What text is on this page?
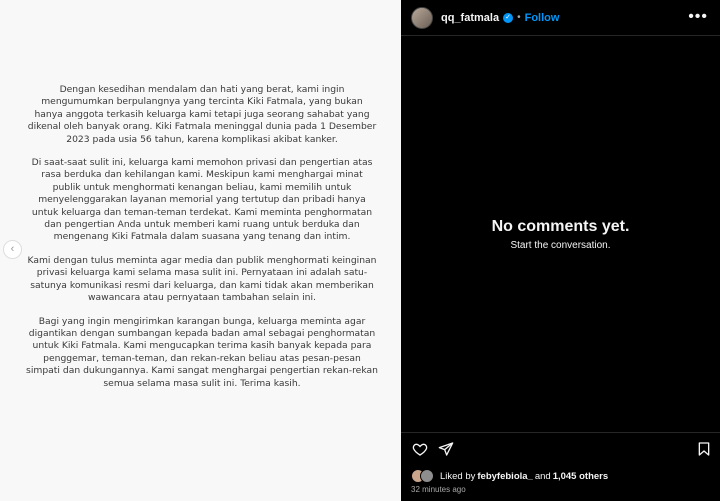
Dengan kesedihan mendalam dan hati yang berat, kami ingin mengumumkan berpulangnya yang tercinta Kiki Fatmala, yang bukan hanya anggota terkasih keluarga kami tetapi juga seorang sahabat yang dikenal oleh banyak orang. Kiki Fatmala meninggal dunia pada 1 Desember 2023 pada usia 56 tahun, karena komplikasi akibat kanker.

Di saat-saat sulit ini, keluarga kami memohon privasi dan pengertian atas rasa berduka dan kehilangan kami. Meskipun kami menghargai minat publik untuk menghormati kenangan beliau, kami memilih untuk menyelenggarakan layanan memorial yang tertutup dan pribadi hanya untuk keluarga dan teman-teman terdekat. Kami meminta penghormatan dan pengertian Anda untuk memberi kami ruang untuk berduka dan mengenang Kiki Fatmala dalam suasana yang tenang dan intim.

Kami dengan tulus meminta agar media dan publik menghormati keinginan privasi keluarga kami selama masa sulit ini. Pernyataan ini adalah satu-satunya komunikasi resmi dari keluarga, dan kami tidak akan memberikan wawancara atau pernyataan tambahan selain ini.

Bagi yang ingin mengirimkan karangan bunga, keluarga meminta agar digantikan dengan sumbangan kepada badan amal sebagai penghormatan untuk Kiki Fatmala. Kami mengucapkan terima kasih banyak kepada para penggemar, teman-teman, dan rekan-rekan beliau atas pesan-pesan simpati dan dukungannya. Kami sangat menghargai pengertian rekan-rekan semua selama masa sulit ini. Terima kasih.

‹
qq_fatmala ✓ • Follow	•••
No comments yet.
Start the conversation.
Liked by febyfebiola_ and 1,045 others
32 minutes ago
